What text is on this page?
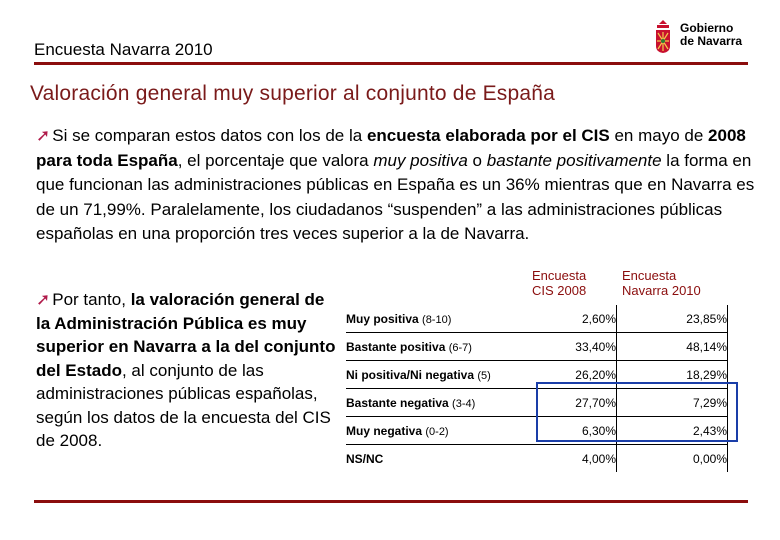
Encuesta Navarra 2010
Gobierno
de Navarra
Valoración general muy superior al conjunto de España
➚ Si se comparan estos datos con los de la encuesta elaborada por el CIS en mayo de 2008 para toda España, el porcentaje que valora muy positiva o bastante positivamente la forma en que funcionan las administraciones públicas en España es un 36% mientras que en Navarra es de un 71,99%. Paralelamente, los ciudadanos “suspenden” a las administraciones públicas españolas en una proporción tres veces superior a la de Navarra.
➚ Por tanto, la valoración general de la Administración Pública es muy superior en Navarra a la del conjunto del Estado, al conjunto de las administraciones públicas españolas, según los datos de la encuesta del CIS de 2008.
Encuesta
CIS 2008
Encuesta
Navarra 2010
Muy positiva (8-10)	2,60%	23,85%
Bastante positiva (6-7)	33,40%	48,14%
Ni positiva/Ni negativa (5)	26,20%	18,29%
Bastante negativa (3-4)	27,70%	7,29%
Muy negativa (0-2)	6,30%	2,43%
NS/NC	4,00%	0,00%
